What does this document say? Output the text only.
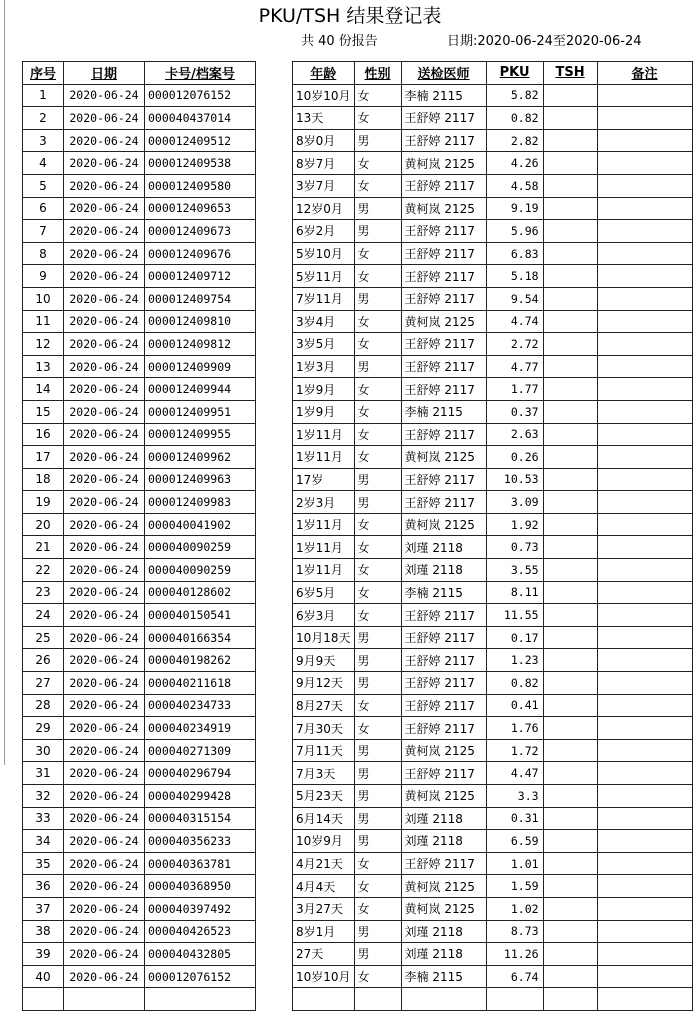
PKU/TSH 结果登记表
共 40 份报告	日期:2020-06-24至2020-06-24
序号	日期	卡号/档案号		年龄	性别	送检医师	PKU	TSH	备注
1	2020-06-24	000012076152		10岁10月	女	李楠 2115	5.82		
2	2020-06-24	000040437014		13天	女	王舒婷 2117	0.82		
3	2020-06-24	000012409512		8岁0月	男	王舒婷 2117	2.82		
4	2020-06-24	000012409538		8岁7月	女	黄柯岚 2125	4.26		
5	2020-06-24	000012409580		3岁7月	女	王舒婷 2117	4.58		
6	2020-06-24	000012409653		12岁0月	男	黄柯岚 2125	9.19		
7	2020-06-24	000012409673		6岁2月	男	王舒婷 2117	5.96		
8	2020-06-24	000012409676		5岁10月	女	王舒婷 2117	6.83		
9	2020-06-24	000012409712		5岁11月	女	王舒婷 2117	5.18		
10	2020-06-24	000012409754		7岁11月	男	王舒婷 2117	9.54		
11	2020-06-24	000012409810		3岁4月	女	黄柯岚 2125	4.74		
12	2020-06-24	000012409812		3岁5月	女	王舒婷 2117	2.72		
13	2020-06-24	000012409909		1岁3月	男	王舒婷 2117	4.77		
14	2020-06-24	000012409944		1岁9月	女	王舒婷 2117	1.77		
15	2020-06-24	000012409951		1岁9月	女	李楠 2115	0.37		
16	2020-06-24	000012409955		1岁11月	女	王舒婷 2117	2.63		
17	2020-06-24	000012409962		1岁11月	女	黄柯岚 2125	0.26		
18	2020-06-24	000012409963		17岁	男	王舒婷 2117	10.53		
19	2020-06-24	000012409983		2岁3月	男	王舒婷 2117	3.09		
20	2020-06-24	000040041902		1岁11月	女	黄柯岚 2125	1.92		
21	2020-06-24	000040090259		1岁11月	女	刘瑾 2118	0.73		
22	2020-06-24	000040090259		1岁11月	女	刘瑾 2118	3.55		
23	2020-06-24	000040128602		6岁5月	女	李楠 2115	8.11		
24	2020-06-24	000040150541		6岁3月	女	王舒婷 2117	11.55		
25	2020-06-24	000040166354		10月18天	男	王舒婷 2117	0.17		
26	2020-06-24	000040198262		9月9天	男	王舒婷 2117	1.23		
27	2020-06-24	000040211618		9月12天	男	王舒婷 2117	0.82		
28	2020-06-24	000040234733		8月27天	女	王舒婷 2117	0.41		
29	2020-06-24	000040234919		7月30天	女	王舒婷 2117	1.76		
30	2020-06-24	000040271309		7月11天	男	黄柯岚 2125	1.72		
31	2020-06-24	000040296794		7月3天	男	王舒婷 2117	4.47		
32	2020-06-24	000040299428		5月23天	男	黄柯岚 2125	3.3		
33	2020-06-24	000040315154		6月14天	男	刘瑾 2118	0.31		
34	2020-06-24	000040356233		10岁9月	男	刘瑾 2118	6.59		
35	2020-06-24	000040363781		4月21天	女	王舒婷 2117	1.01		
36	2020-06-24	000040368950		4月4天	女	黄柯岚 2125	1.59		
37	2020-06-24	000040397492		3月27天	女	黄柯岚 2125	1.02		
38	2020-06-24	000040426523		8岁1月	男	刘瑾 2118	8.73		
39	2020-06-24	000040432805		27天	男	刘瑾 2118	11.26		
40	2020-06-24	000012076152		10岁10月	女	李楠 2115	6.74		
